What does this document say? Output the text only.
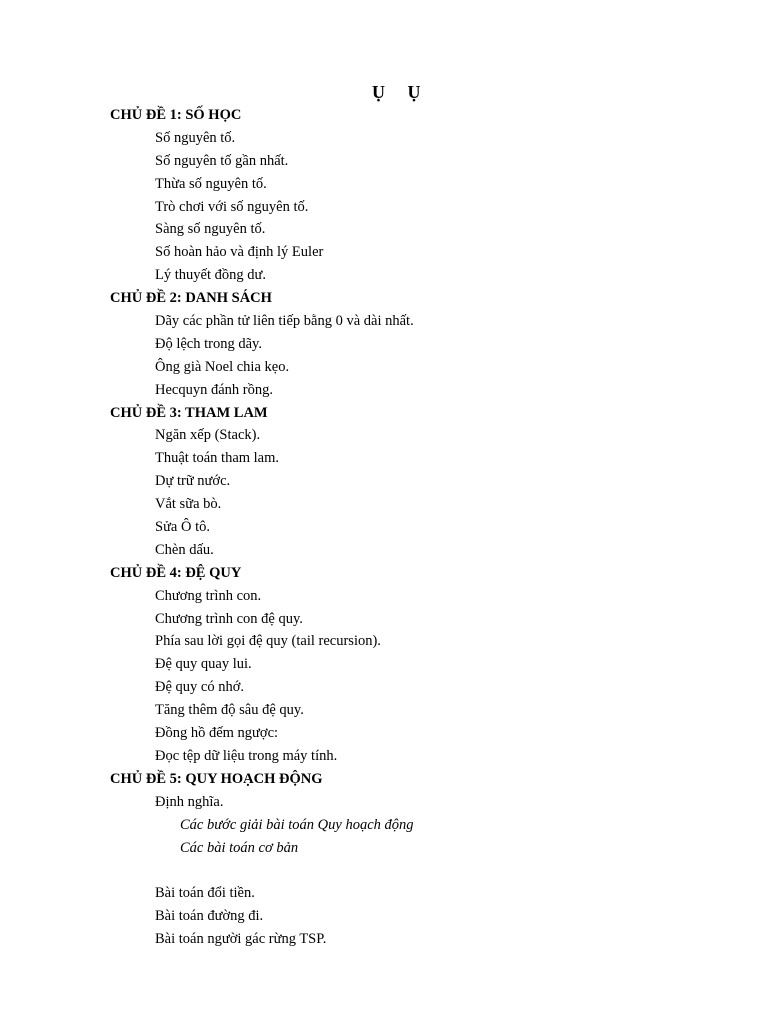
Ụ Ụ
CHỦ ĐỀ 1: SỐ HỌC
Số nguyên tố.
Số nguyên tố gần nhất.
Thừa số nguyên tố.
Trò chơi với số nguyên tố.
Sàng số nguyên tố.
Số hoàn hảo và định lý Euler
Lý thuyết đồng dư.
CHỦ ĐỀ 2: DANH SÁCH
Dãy các phần tử liên tiếp bằng 0 và dài nhất.
Độ lệch trong dãy.
Ông già Noel chia kẹo.
Hecquyn đánh rồng.
CHỦ ĐỀ 3: THAM LAM
Ngăn xếp (Stack).
Thuật toán tham lam.
Dự trữ nước.
Vắt sữa bò.
Sửa Ô tô.
Chèn dấu.
CHỦ ĐỀ 4: ĐỆ QUY
Chương trình con.
Chương trình con đệ quy.
Phía sau lời gọi đệ quy (tail recursion).
Đệ quy quay lui.
Đệ quy có nhớ.
Tăng thêm độ sâu đệ quy.
Đồng hồ đếm ngược:
Đọc tệp dữ liệu trong máy tính.
CHỦ ĐỀ 5: QUY HOẠCH ĐỘNG
Định nghĩa.
Các bước giải bài toán Quy hoạch động
Các bài toán cơ bản
Bài toán đổi tiền.
Bài toán đường đi.
Bài toán người gác rừng TSP.
